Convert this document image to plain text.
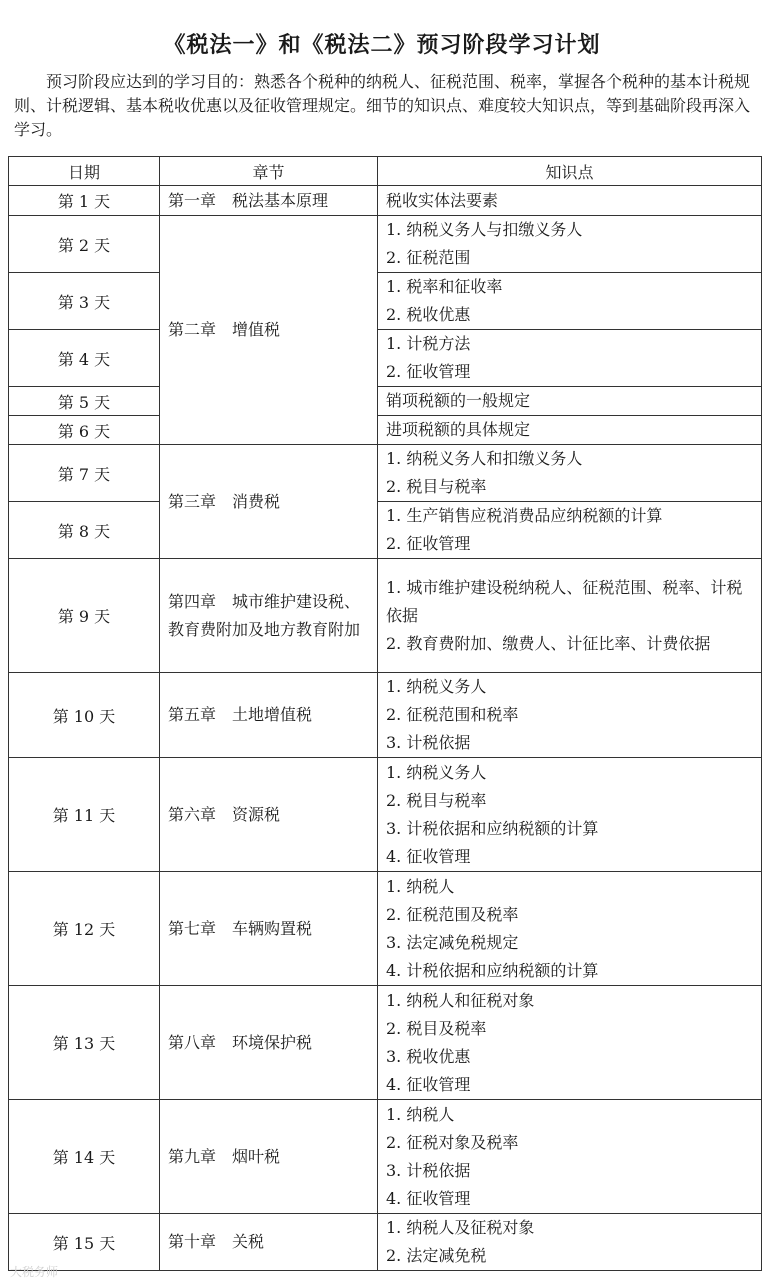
《税法一》和《税法二》预习阶段学习计划
　　预习阶段应达到的学习目的：熟悉各个税种的纳税人、征税范围、税率，掌握各个税种的基本计税规则、计税逻辑、基本税收优惠以及征收管理规定。细节的知识点、难度较大知识点，等到基础阶段再深入学习。
日期	章节	知识点
第 1 天	第一章　税法基本原理	税收实体法要素

第 2 天	第二章　增值税	1. 纳税义务人与扣缴义务人
2. 征税范围

第 3 天		1. 税率和征收率
2. 税收优惠

第 4 天		1. 计税方法
2. 征收管理

第 5 天		销项税额的一般规定

第 6 天		进项税额的具体规定

第 7 天	第三章　消费税	1. 纳税义务人和扣缴义务人
2. 税目与税率

第 8 天		1. 生产销售应税消费品应纳税额的计算
2. 征收管理

第 9 天	第四章　城市维护建设税、教育费附加及地方教育附加	1. 城市维护建设税纳税人、征税范围、税率、计税依据
2. 教育费附加、缴费人、计征比率、计费依据

第 10 天	第五章　土地增值税	1. 纳税义务人
2. 征税范围和税率
3. 计税依据

第 11 天	第六章　资源税	1. 纳税义务人
2. 税目与税率
3. 计税依据和应纳税额的计算
4. 征收管理

第 12 天	第七章　车辆购置税	1. 纳税人
2. 征税范围及税率
3. 法定减免税规定
4. 计税依据和应纳税额的计算

第 13 天	第八章　环境保护税	1. 纳税人和征税对象
2. 税目及税率
3. 税收优惠
4. 征收管理

第 14 天	第九章　烟叶税	1. 纳税人
2. 征税对象及税率
3. 计税依据
4. 征收管理

第 15 天	第十章　关税	1. 纳税人及征税对象
2. 法定减免税
大税务师
